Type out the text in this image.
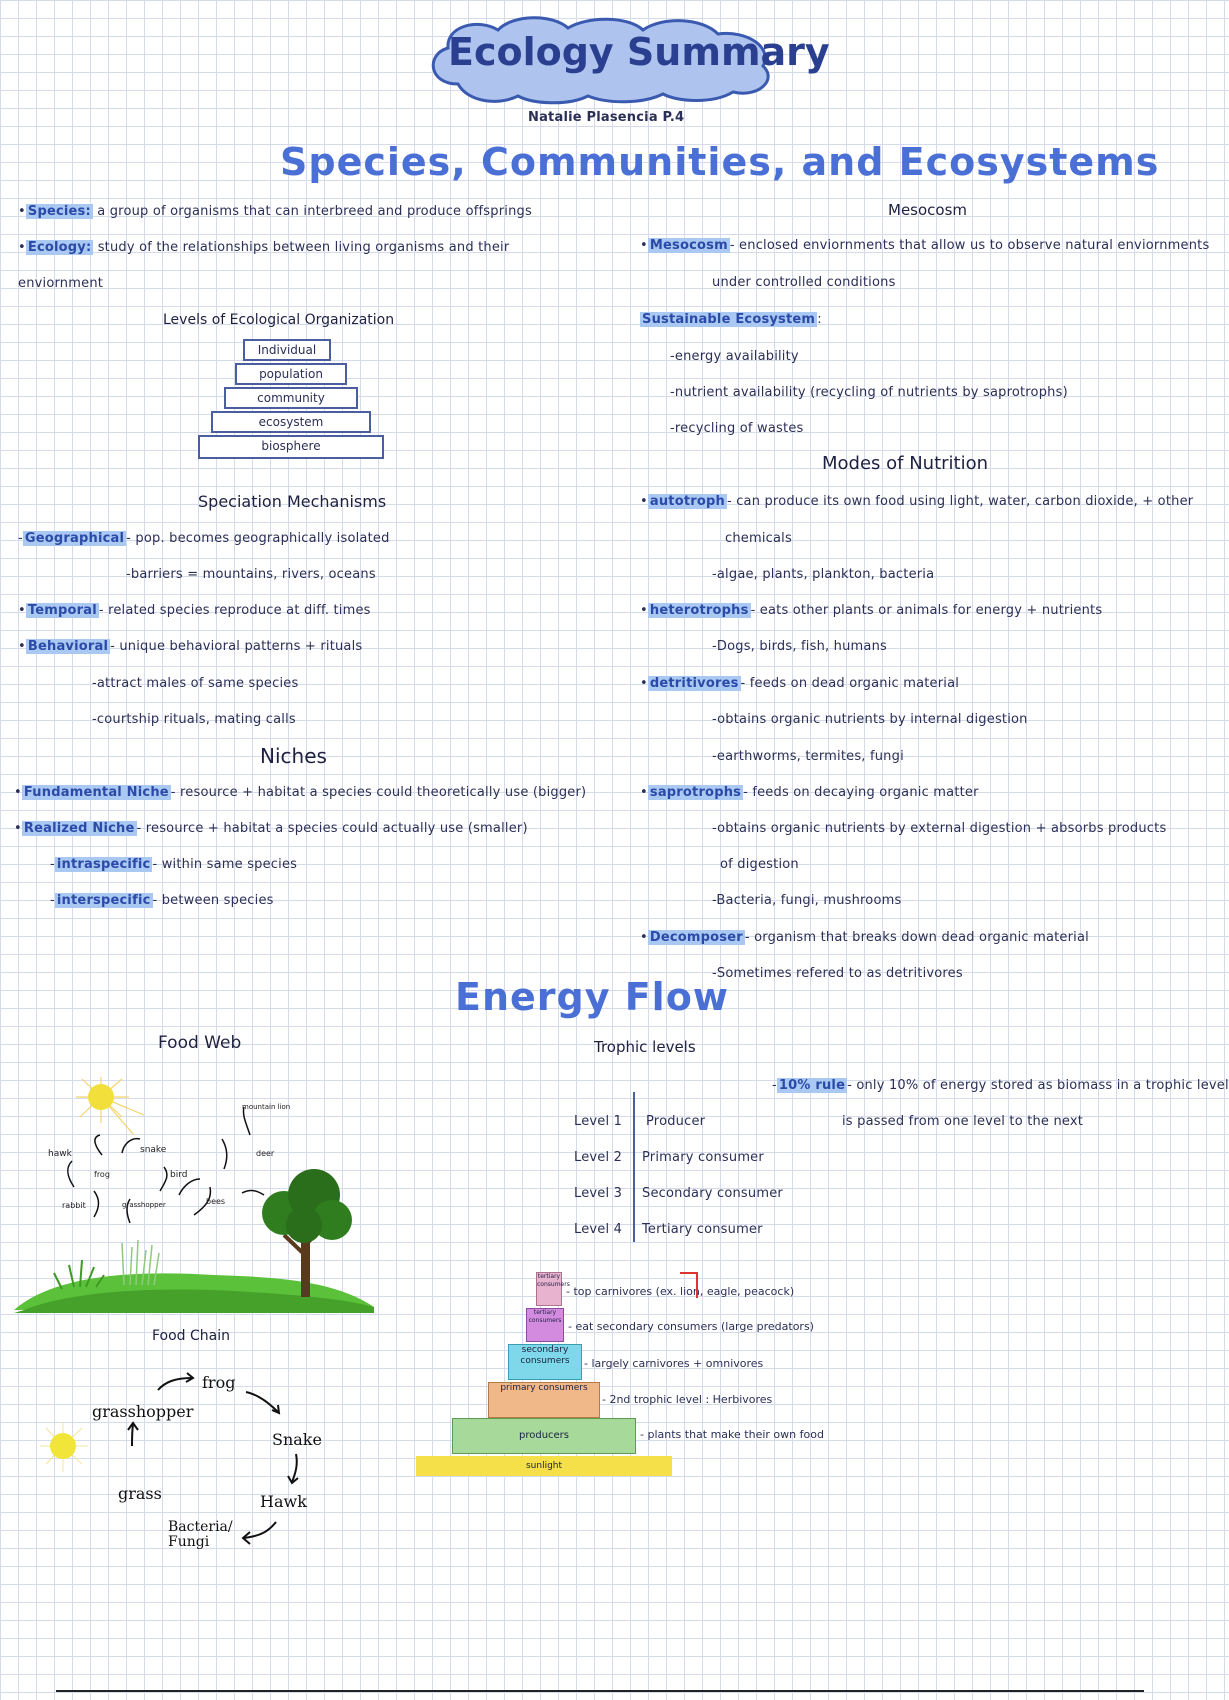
Ecology Summary
Natalie Plasencia P.4
Species, Communities, and Ecosystems
• Species: a group of organisms that can interbreed and produce offsprings
• Ecology: study of the relationships between living organisms and their
enviornment
Levels of Ecological Organization
Individual
population
community
ecosystem
biosphere
Speciation Mechanisms
- Geographical - pop. becomes geographically isolated
-barriers = mountains, rivers, oceans
• Temporal - related species reproduce at diff. times
• Behavioral - unique behavioral patterns + rituals
-attract males of same species
-courtship rituals, mating calls
Niches
• Fundamental Niche - resource + habitat a species could theoretically use (bigger)
• Realized Niche - resource + habitat a species could actually use (smaller)
- intraspecific - within same species
- interspecific - between species
Mesocosm
• Mesocosm - enclosed enviornments that allow us to observe natural enviornments
under controlled conditions
Sustainable Ecosystem :
-energy availability
-nutrient availability (recycling of nutrients by saprotrophs)
-recycling of wastes
Modes of Nutrition
• autotroph - can produce its own food using light, water, carbon dioxide, + other
chemicals
-algae, plants, plankton, bacteria
• heterotrophs - eats other plants or animals for energy + nutrients
-Dogs, birds, fish, humans
• detritivores - feeds on dead organic material
-obtains organic nutrients by internal digestion
-earthworms, termites, fungi
• saprotrophs - feeds on decaying organic matter
-obtains organic nutrients by external digestion + absorbs products
of digestion
-Bacteria, fungi, mushrooms
• Decomposer - organism that breaks down dead organic material
-Sometimes refered to as detritivores
Energy Flow
Food Web
hawk	snake
mountain lion
frog	bird
deer
rabbit	grasshopper	bees
Food Chain
frog
grasshopper
Snake
grass	Hawk
Bacteria/ Fungi
Trophic levels
- 10% rule - only 10% of energy stored as biomass in a trophic level
is passed from one level to the next
Level 1 Producer
Level 2 Primary consumer
Level 3 Secondary consumer
Level 4 Tertiary consumer
tertiary consumers
- top carnivores (ex. lion, eagle, peacock)
tertiary consumers - eat secondary consumers (large predators)
secondary consumers	- largely carnivores + omnivores
primary consumers
- 2nd trophic level : Herbivores
producers	- plants that make their own food
sunlight
